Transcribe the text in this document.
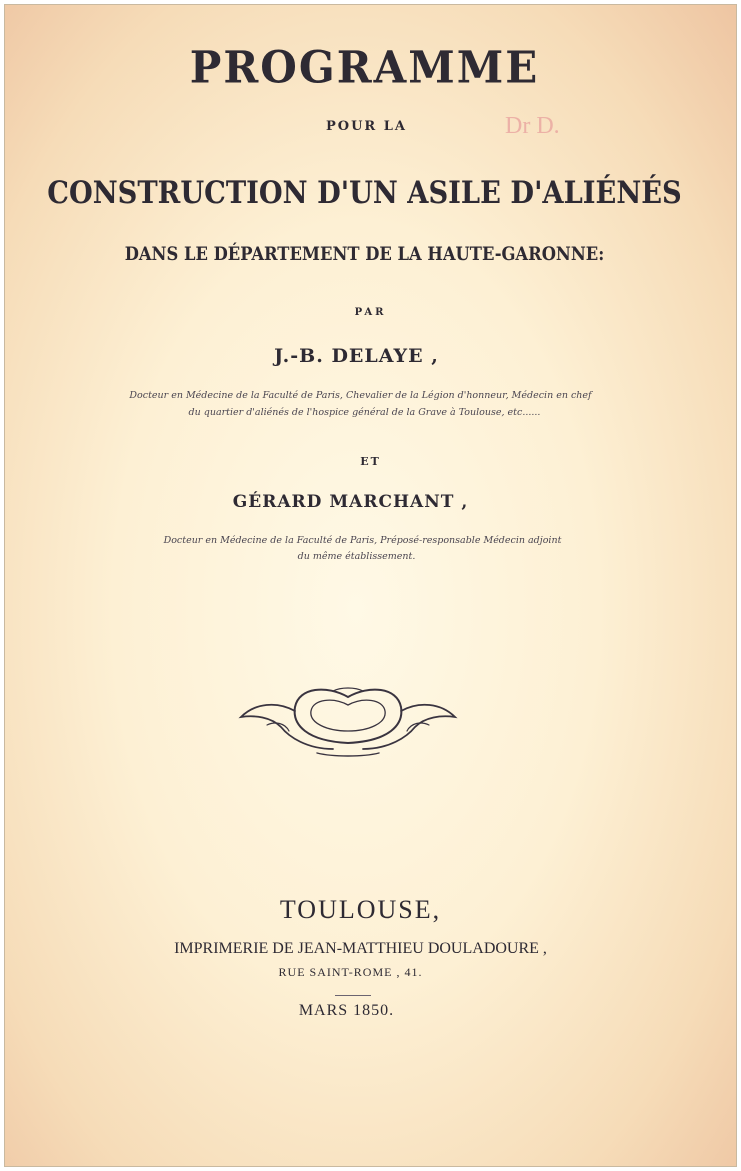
Dr D.
PROGRAMME
POUR LA
CONSTRUCTION D'UN ASILE D'ALIÉNÉS
DANS LE DÉPARTEMENT DE LA HAUTE-GARONNE:
PAR
J.-B. DELAYE ,
Docteur en Médecine de la Faculté de Paris, Chevalier de la Légion d'honneur, Médecin en chef
du quartier d'aliénés de l'hospice général de la Grave à Toulouse, etc......
ET
GÉRARD MARCHANT ,
Docteur en Médecine de la Faculté de Paris, Préposé-responsable Médecin adjoint
du même établissement.
TOULOUSE,
IMPRIMERIE DE JEAN-MATTHIEU DOULADOURE ,
RUE SAINT-ROME , 41.
MARS 1850.
